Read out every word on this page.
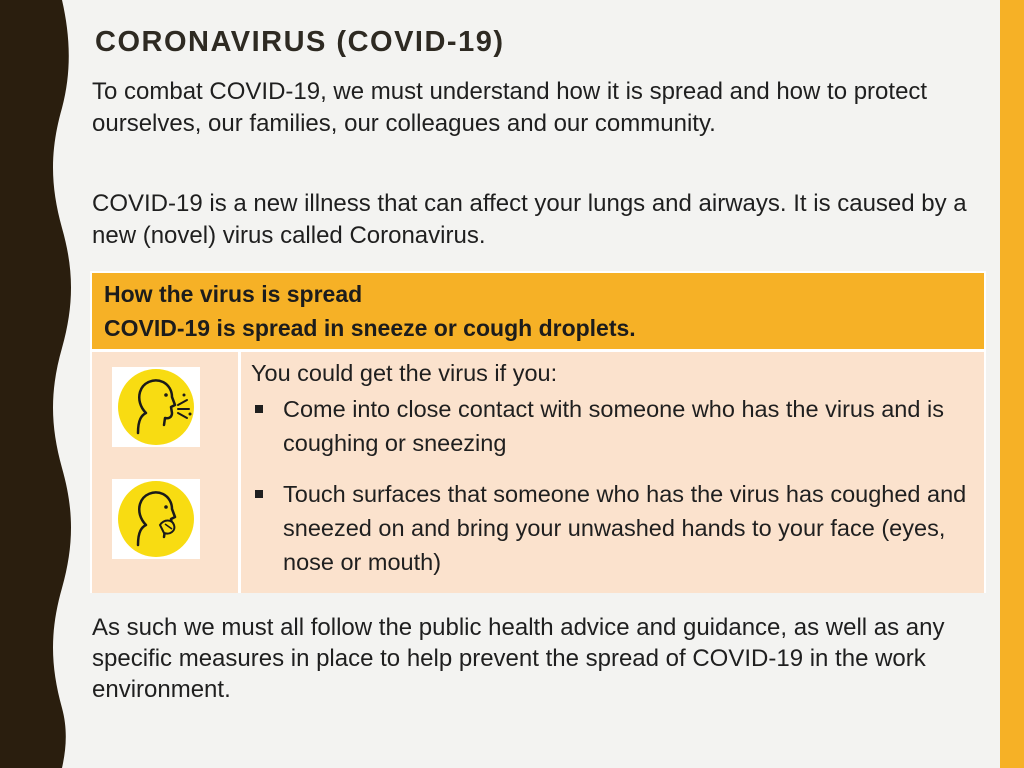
CORONAVIRUS (COVID-19)
To combat COVID-19, we must understand how it is spread and how to protect ourselves, our families, our colleagues and our community.
COVID-19 is a new illness that can affect your lungs and airways. It is caused by a new (novel) virus called Coronavirus.
How the virus is spread
COVID-19 is spread in sneeze or cough droplets.
You could get the virus if you:
Come into close contact with someone who has the virus and is coughing or sneezing
Touch surfaces that someone who has the virus has coughed and sneezed on and bring your unwashed hands to your face (eyes, nose or mouth)
As such we must all follow the public health advice and guidance, as well as any specific measures in place to help prevent the spread of COVID-19 in the work environment.
